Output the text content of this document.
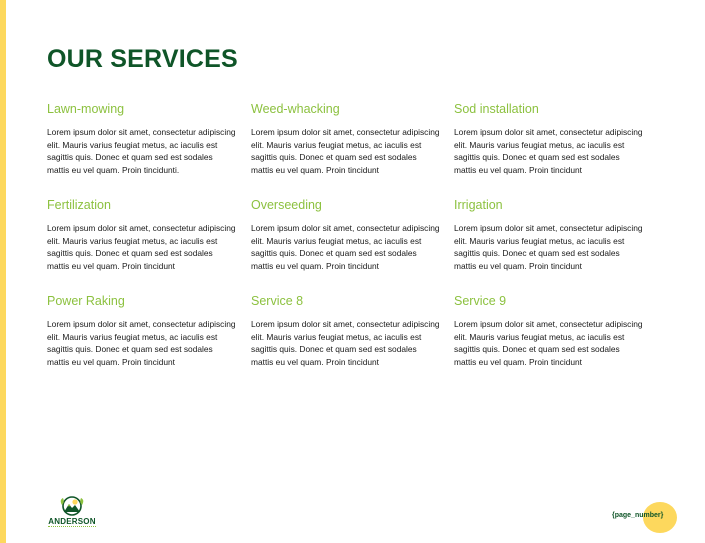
OUR SERVICES
Lawn-mowing
Lorem ipsum dolor sit amet, consectetur adipiscing elit. Mauris varius feugiat metus, ac iaculis est sagittis quis. Donec et quam sed est sodales mattis eu vel quam. Proin tincidunti.
Weed-whacking
Lorem ipsum dolor sit amet, consectetur adipiscing elit. Mauris varius feugiat metus, ac iaculis est sagittis quis. Donec et quam sed est sodales mattis eu vel quam. Proin tincidunt
Sod installation
Lorem ipsum dolor sit amet, consectetur adipiscing elit. Mauris varius feugiat metus, ac iaculis est sagittis quis. Donec et quam sed est sodales mattis eu vel quam. Proin tincidunt
Fertilization
Lorem ipsum dolor sit amet, consectetur adipiscing elit. Mauris varius feugiat metus, ac iaculis est sagittis quis. Donec et quam sed est sodales mattis eu vel quam. Proin tincidunt
Overseeding
Lorem ipsum dolor sit amet, consectetur adipiscing elit. Mauris varius feugiat metus, ac iaculis est sagittis quis. Donec et quam sed est sodales mattis eu vel quam. Proin tincidunt
Irrigation
Lorem ipsum dolor sit amet, consectetur adipiscing elit. Mauris varius feugiat metus, ac iaculis est sagittis quis. Donec et quam sed est sodales mattis eu vel quam. Proin tincidunt
Power Raking
Lorem ipsum dolor sit amet, consectetur adipiscing elit. Mauris varius feugiat metus, ac iaculis est sagittis quis. Donec et quam sed est sodales mattis eu vel quam. Proin tincidunt
Service 8
Lorem ipsum dolor sit amet, consectetur adipiscing elit. Mauris varius feugiat metus, ac iaculis est sagittis quis. Donec et quam sed est sodales mattis eu vel quam. Proin tincidunt
Service 9
Lorem ipsum dolor sit amet, consectetur adipiscing elit. Mauris varius feugiat metus, ac iaculis est sagittis quis. Donec et quam sed est sodales mattis eu vel quam. Proin tincidunt
ANDERSON
{page_number}
